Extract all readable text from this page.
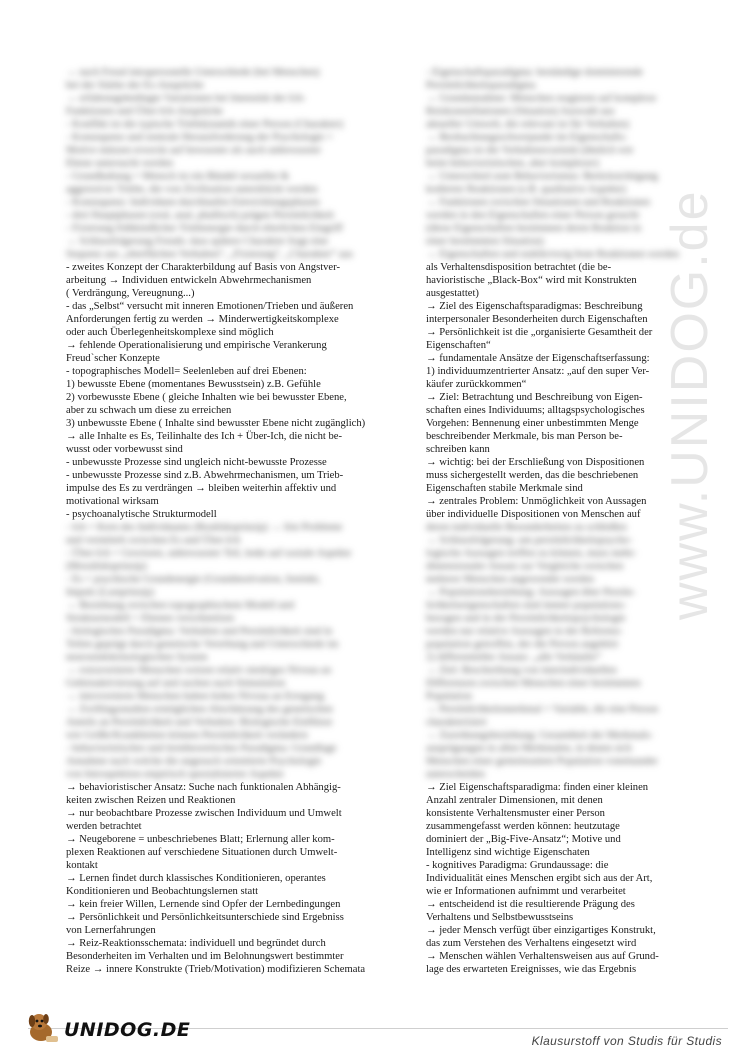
www.UNIDOG.de
→ nach Freud intrapersonelle Unterschiede (bei Menschen)
bei der Stärke der Es-Ansprüche
→ erfahrungsbedingte Variationen bei Intensität der Ich-
Funktionen und Über-Ich-Ansprüche
- Konflikt ist die typische Triebdynamik einer Person (Charakter)
- Konsequenz und zentrale Herausforderung der Psychologie =
Motive müssen erweckt auf bewusster als auch unbewusster
Ebene untersucht werden
- Grundhaltung = Mensch ist ein Bündel sexueller &
aggressiver Triebe, die von Zivilisation unterdrückt werden
- Konsequenz: Individuen durchlaufen Entwicklungsphasen
- drei Hauptphasen (oral, anal, phallisch) prägen Persönlichkeit
- Fixierung frühkindlicher Triebenergie durch elterlichen Eingriff
→ Schlussfolgerung Freuds: dass spätere Charakter fragt eine
Sequenz aus „oberflächen Verhalten“, „Fixierung“, „Charakter“ aus
- zweites Konzept der Charakterbildung auf Basis von Angstver-
arbeitung → Individuen entwickeln Abwehrmechanismen
( Verdrängung, Vereugnung...)
- das „Selbst“ versucht mit inneren Emotionen/Trieben und äußeren
Anforderungen fertig zu werden → Minderwertigkeitskomplexe
oder auch Überlegenheitskomplexe sind möglich
→ fehlende Operationalisierung und empirische Verankerung
Freud`scher Konzepte
- topographisches Modell= Seelenleben auf drei Ebenen:
1) bewusste Ebene (momentanes Bewusstsein) z.B. Gefühle
2) vorbewusste Ebene ( gleiche Inhalten wie bei bewusster Ebene,
aber zu schwach um diese zu erreichen
3) unbewusste Ebene ( Inhalte sind bewusster Ebene nicht zugänglich)
→ alle Inhalte es Es, Teilinhalte des Ich + Über-Ich, die nicht be-
wusst oder vorbewusst sind
- unbewusste Prozesse sind ungleich nicht-bewusste Prozesse
- unbewusste Prozesse sind z.B. Abwehrmechanismen, um Trieb-
impulse des Es zu verdrängen → bleiben weiterhin affektiv und
motivational wirksam
- psychoanalytische Strukturmodell
- Ich = Kern des Individuums (Realitätsprinzip) → löst Probleme
und vermittelt zwischen Es und Über-Ich
- Über-Ich = Gewissen, unbewusster Teil, lenkt auf soziale Aspekte
(Moralitätsprinzip)
- Es = psychische Grundenergie (Grundmotivation, Instinkt,
Impuls (Lustprinzip)
→ Beziehung zwischen topographischem Modell und
Strukturmodell = Ebenen verschmelzen
- biologisches Paradigma: Verhalten und Persönlichkeit sind in
Teilen geprägt durch genetische Vererbung und Unterschiede im
neuroendokrinologischen System
→ extravertierte Menschen weisen relativ niedriges Niveau an
Gehirnaktivierung auf und suchen nach Stimulation
→ introvertierte Menschen haben hohes Niveau an Erregung
→ Zwillingsstudien ermöglichen Abschätzung des genetischen
Anteils an Persönlichkeit und Verhalten: Biologische Einflüsse
wie Größe/Krankheiten können Persönlichkeit verändern
- behavioristisches und lerntheoretisches Paradigma: Grundlage
Annahme nach welche die ungesuch orientierte Psychologie
von Introspektion empirisch spezialisierter Aspekte
→ behavioristischer Ansatz: Suche nach funktionalen Abhängig-
keiten zwischen Reizen und Reaktionen
→ nur beobachtbare Prozesse zwischen Individuum und Umwelt
werden betrachtet
→ Neugeborene = unbeschriebenes Blatt; Erlernung aller kom-
plexen Reaktionen auf verschiedene Situationen durch Umwelt-
kontakt
→ Lernen findet durch klassisches Konditionieren, operantes
Konditionieren und Beobachtungslernen statt
→ kein freier Willen, Lernende sind Opfer der Lernbedingungen
→ Persönlichkeit und Persönlichkeitsunterschiede sind Ergebniss
von Lernerfahrungen
→ Reiz-Reaktionsschemata: individuell und begründet durch
Besonderheiten im Verhalten und im Belohnungswert bestimmter
Reize → innere Konstrukte (Trieb/Motivation) modifizieren Schemata
- Eigenschaftsparadigma: beständige dominierende
Persönlichkeitsparadigma
→ Grundannahme: Menschen reagieren auf komplexe
Reizkonstellationen (Situation) Auswahl aus
aktueller Umwelt, die relevant ist für Verhalten)
→ Beobachtungsschwerpunkt im Eigenschafts-
paradigma ist die Verhaltensvarietät (ähnlich wie
beim behavioristischen, aber komplexer)
→ Unterschied zum Behaviorismus: Berücksichtigung
kodierter Reaktionen (z.B. qualitative Aspekte)
→ Funktionen zwischen Situationen und Reaktionen
werden in den Eigenschaften einer Person gesucht
(diese Eigenschaften bestimmen deren Reaktion in
einer bestimmten Situation)
→ Eigenschaften und stabile/ewig feste Reaktionen werden
als Verhaltensdisposition betrachtet (die be-
havioristische „Black-Box“ wird mit Konstrukten
ausgestattet)
→ Ziel des Eigenschaftsparadigmas: Beschreibung
interpersonaler Besonderheiten durch Eigenschaften
→ Persönlichkeit ist die „organisierte Gesamtheit der
Eigenschaften“
→ fundamentale Ansätze der Eigenschaftserfassung:
1) individuumzentrierter Ansatz: „auf den super Ver-
käufer zurückkommen“
→ Ziel: Betrachtung und Beschreibung von Eigen-
schaften eines Individuums; alltagspsychologisches
Vorgehen: Bennenung einer unbestimmten Menge
beschreibender Merkmale, bis man Person be-
schreiben kann
→ wichtig: bei der Erschließung von Dispositionen
muss sichergestellt werden, das die beschriebenen
Eigenschaften stabile Merkmale sind
→ zentrales Problem: Unmöglichkeit von Aussagen
über individuelle Dispositionen von Menschen auf
deren individuelle Besonderheiten zu schließen
→ Schlussfolgerung: um persönlichkeitspsycho-
logische Aussagen treffen zu können, muss mehr-
dimensionaler Ansatz zur Vergleiche zwischen
mehrere Menschen angewendet werden
→ Populationsbeziehung: Aussagen über Persön-
lichkeitseigenschaften sind immer populations-
bezogen und in der Persönlichkeitspsychologie
werden nur relative Aussagen in der Referenz-
population getroffen, der die Person angehört
2) differentieller Ansatz: „alle Verkäufer“
→ Ziel: Beschreibung von interindividuellen
Differenzen zwischen Menschen einer bestimmten
Population
→ Persönlichkeitsmerkmal = Variable, die eine Person
charakterisiert
→ Zuordnungsbeziehung: Gesamtheit der Merkmals-
ausprägungen in allen Merkmalen, in denen sich
Menschen einer gemeinsamen Population voneinander
unterscheiden
→ Ziel Eigenschaftsparadigma: finden einer kleinen
Anzahl zentraler Dimensionen, mit denen
konsistente Verhaltensmuster einer Person
zusammengefasst werden können: heutzutage
dominiert der „Big-Five-Ansatz“; Motive und
Intelligenz sind wichtige Eigenschaten
- kognitives Paradigma: Grundaussage: die
Individualität eines Menschen ergibt sich aus der Art,
wie er Informationen aufnimmt und verarbeitet
→ entscheidend ist die resultierende Prägung des
Verhaltens und Selbstbewusstseins
→ jeder Mensch verfügt über einzigartiges Konstrukt,
das zum Verstehen des Verhaltens eingesetzt wird
→ Menschen wählen Verhaltensweisen aus auf Grund-
lage des erwarteten Ereignisses, wie das Ergebnis
UNIDOG.DE
Klausurstoff von Studis für Studis
